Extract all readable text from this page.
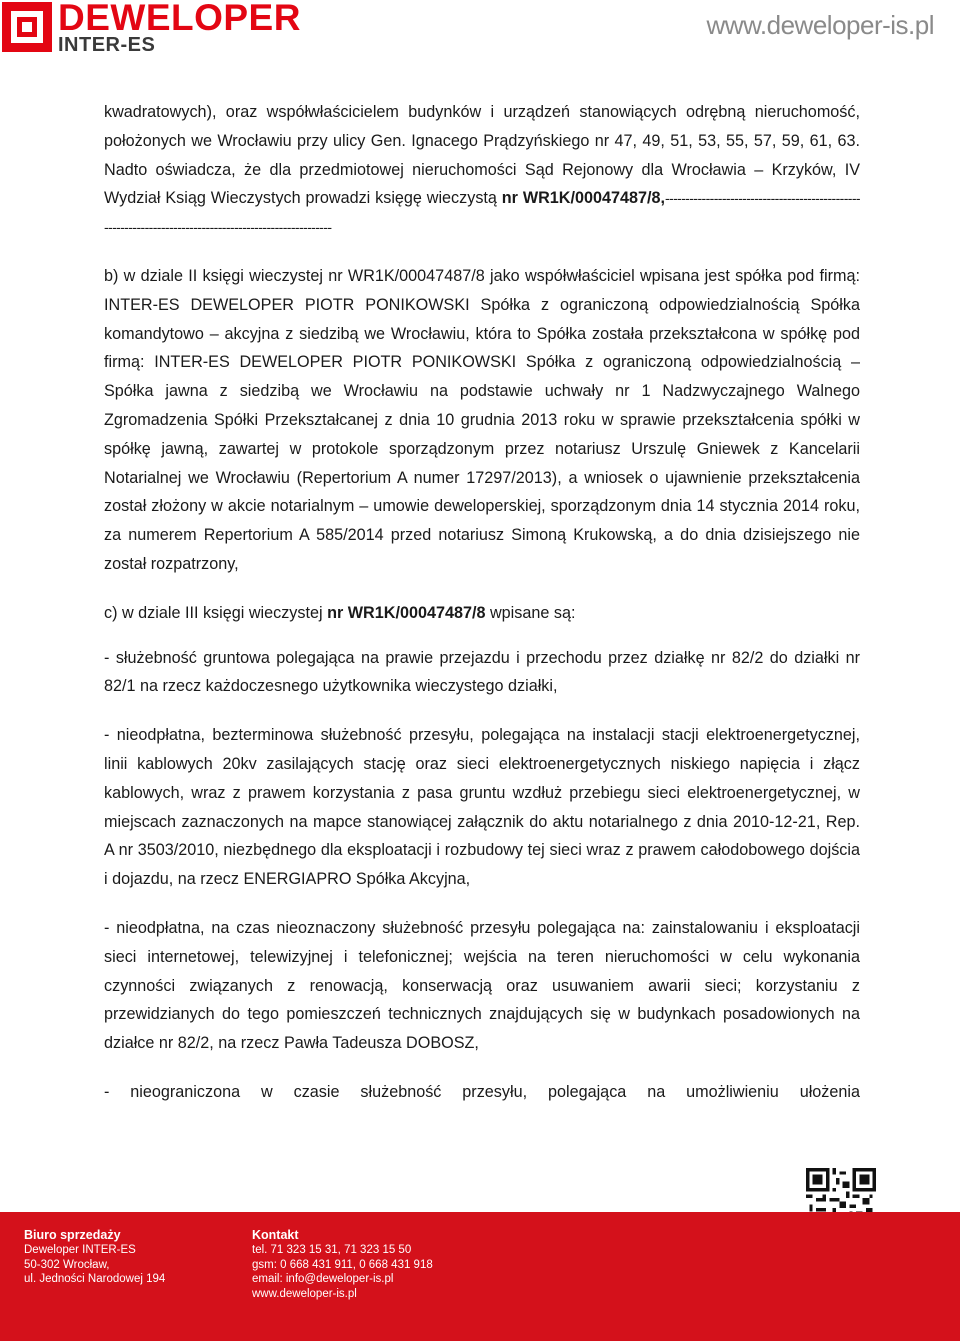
DEWELOPER
INTER-ES
www.deweloper-is.pl

kwadratowych), oraz współwłaścicielem budynków i urządzeń stanowiących odrębną nieruchomość, położonych we Wrocławiu przy ulicy Gen. Ignacego Prądzyńskiego nr 47, 49, 51, 53, 55, 57, 59, 61, 63. Nadto oświadcza, że dla przedmiotowej nieruchomości Sąd Rejonowy dla Wrocławia – Krzyków, IV Wydział Ksiąg Wieczystych prowadzi księgę wieczystą nr WR1K/00047487/8,--------------------------------------------------------------------------------------------------------

b) w dziale II księgi wieczystej nr WR1K/00047487/8 jako współwłaściciel wpisana jest spółka pod firmą: INTER-ES DEWELOPER PIOTR PONIKOWSKI Spółka z ograniczoną odpowiedzialnością Spółka komandytowo – akcyjna z siedzibą we Wrocławiu, która to Spółka została przekształcona w spółkę pod firmą: INTER-ES DEWELOPER PIOTR PONIKOWSKI Spółka z ograniczoną odpowiedzialnością – Spółka jawna z siedzibą we Wrocławiu na podstawie uchwały nr 1 Nadzwyczajnego Walnego Zgromadzenia Spółki Przekształcanej z dnia 10 grudnia 2013 roku w sprawie przekształcenia spółki w spółkę jawną, zawartej w protokole sporządzonym przez notariusz Urszulę Gniewek z Kancelarii Notarialnej we Wrocławiu (Repertorium A numer 17297/2013), a wniosek o ujawnienie przekształcenia został złożony w akcie notarialnym – umowie deweloperskiej, sporządzonym dnia 14 stycznia 2014 roku, za numerem Repertorium A 585/2014 przed notariusz Simoną Krukowską, a do dnia dzisiejszego nie został rozpatrzony,

c) w dziale III księgi wieczystej nr WR1K/00047487/8 wpisane są:

- służebność gruntowa polegająca na prawie przejazdu i przechodu przez działkę nr 82/2 do działki nr 82/1 na rzecz każdoczesnego użytkownika wieczystego działki,

- nieodpłatna, bezterminowa służebność przesyłu, polegająca na instalacji stacji elektroenergetycznej, linii kablowych 20kv zasilających stację oraz sieci elektroenergetycznych niskiego napięcia i złącz kablowych, wraz z prawem korzystania z pasa gruntu wzdłuż przebiegu sieci elektroenergetycznej, w miejscach zaznaczonych na mapce stanowiącej załącznik do aktu notarialnego z dnia 2010-12-21, Rep. A nr 3503/2010, niezbędnego dla eksploatacji i rozbudowy tej sieci wraz z prawem całodobowego dojścia i dojazdu, na rzecz ENERGIAPRO Spółka Akcyjna,

- nieodpłatna, na czas nieoznaczony służebność przesyłu polegająca na: zainstalowaniu i eksploatacji sieci internetowej, telewizyjnej i telefonicznej; wejścia na teren nieruchomości w celu wykonania czynności związanych z renowacją, konserwacją oraz usuwaniem awarii sieci; korzystaniu z przewidzianych do tego pomieszczeń technicznych znajdujących się w budynkach posadowionych na działce nr 82/2, na rzecz Pawła Tadeusza DOBOSZ,

- nieograniczona w czasie służebność przesyłu, polegająca na umożliwieniu ułożenia

Biuro sprzedaży
Deweloper INTER-ES
50-302 Wrocław,
ul. Jedności Narodowej 194
Kontakt
tel. 71 323 15 31, 71 323 15 50
gsm: 0 668 431 911, 0 668 431 918
email: info@deweloper-is.pl
www.deweloper-is.pl
